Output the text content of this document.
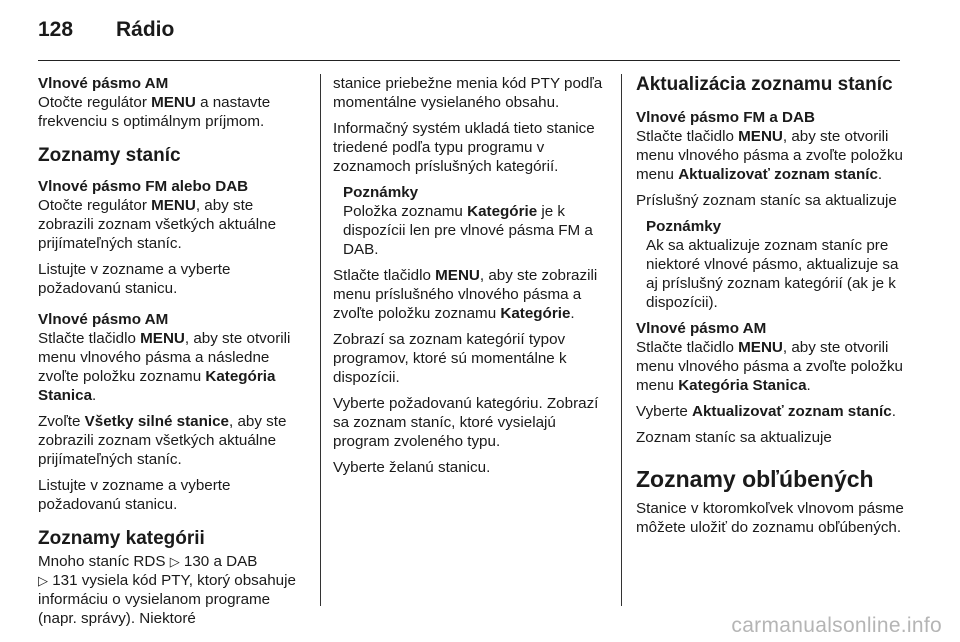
128 Rádio

Vlnové pásmo AM

Otočte regulátor MENU a nastavte frekvenciu s optimálnym príjmom.

Zoznamy staníc

Vlnové pásmo FM alebo DAB

Otočte regulátor MENU, aby ste zobrazili zoznam všetkých aktuálne prijímateľných staníc.

Listujte v zozname a vyberte požadovanú stanicu.

Vlnové pásmo AM

Stlačte tlačidlo MENU, aby ste otvorili menu vlnového pásma a následne zvoľte položku zoznamu Kategória Stanica.

Zvoľte Všetky silné stanice, aby ste zobrazili zoznam všetkých aktuálne prijímateľných staníc.

Listujte v zozname a vyberte požadovanú stanicu.

Zoznamy kategórii

Mnoho staníc RDS ▷ 130 a DAB
▷ 131 vysiela kód PTY, ktorý obsahuje informáciu o vysielanom programe (napr. správy). Niektoré

stanice priebežne menia kód PTY podľa momentálne vysielaného obsahu.

Informačný systém ukladá tieto stanice triedené podľa typu programu v zoznamoch príslušných kategórií.

Poznámky

Položka zoznamu Kategórie je k dispozícii len pre vlnové pásma FM a DAB.

Stlačte tlačidlo MENU, aby ste zobrazili menu príslušného vlnového pásma a zvoľte položku zoznamu Kategórie.

Zobrazí sa zoznam kategórií typov programov, ktoré sú momentálne k dispozícii.

Vyberte požadovanú kategóriu. Zobrazí sa zoznam staníc, ktoré vysielajú program zvoleného typu.

Vyberte želanú stanicu.

Aktualizácia zoznamu staníc

Vlnové pásmo FM a DAB

Stlačte tlačidlo MENU, aby ste otvorili menu vlnového pásma a zvoľte položku menu Aktualizovať zoznam staníc.

Príslušný zoznam staníc sa aktualizuje

Poznámky

Ak sa aktualizuje zoznam staníc pre niektoré vlnové pásmo, aktualizuje sa aj príslušný zoznam kategórií (ak je k dispozícii).

Vlnové pásmo AM

Stlačte tlačidlo MENU, aby ste otvorili menu vlnového pásma a zvoľte položku menu Kategória Stanica.

Vyberte Aktualizovať zoznam staníc.

Zoznam staníc sa aktualizuje

Zoznamy obľúbených

Stanice v ktoromkoľvek vlnovom pásme môžete uložiť do zoznamu obľúbených.

carmanualsonline.info
